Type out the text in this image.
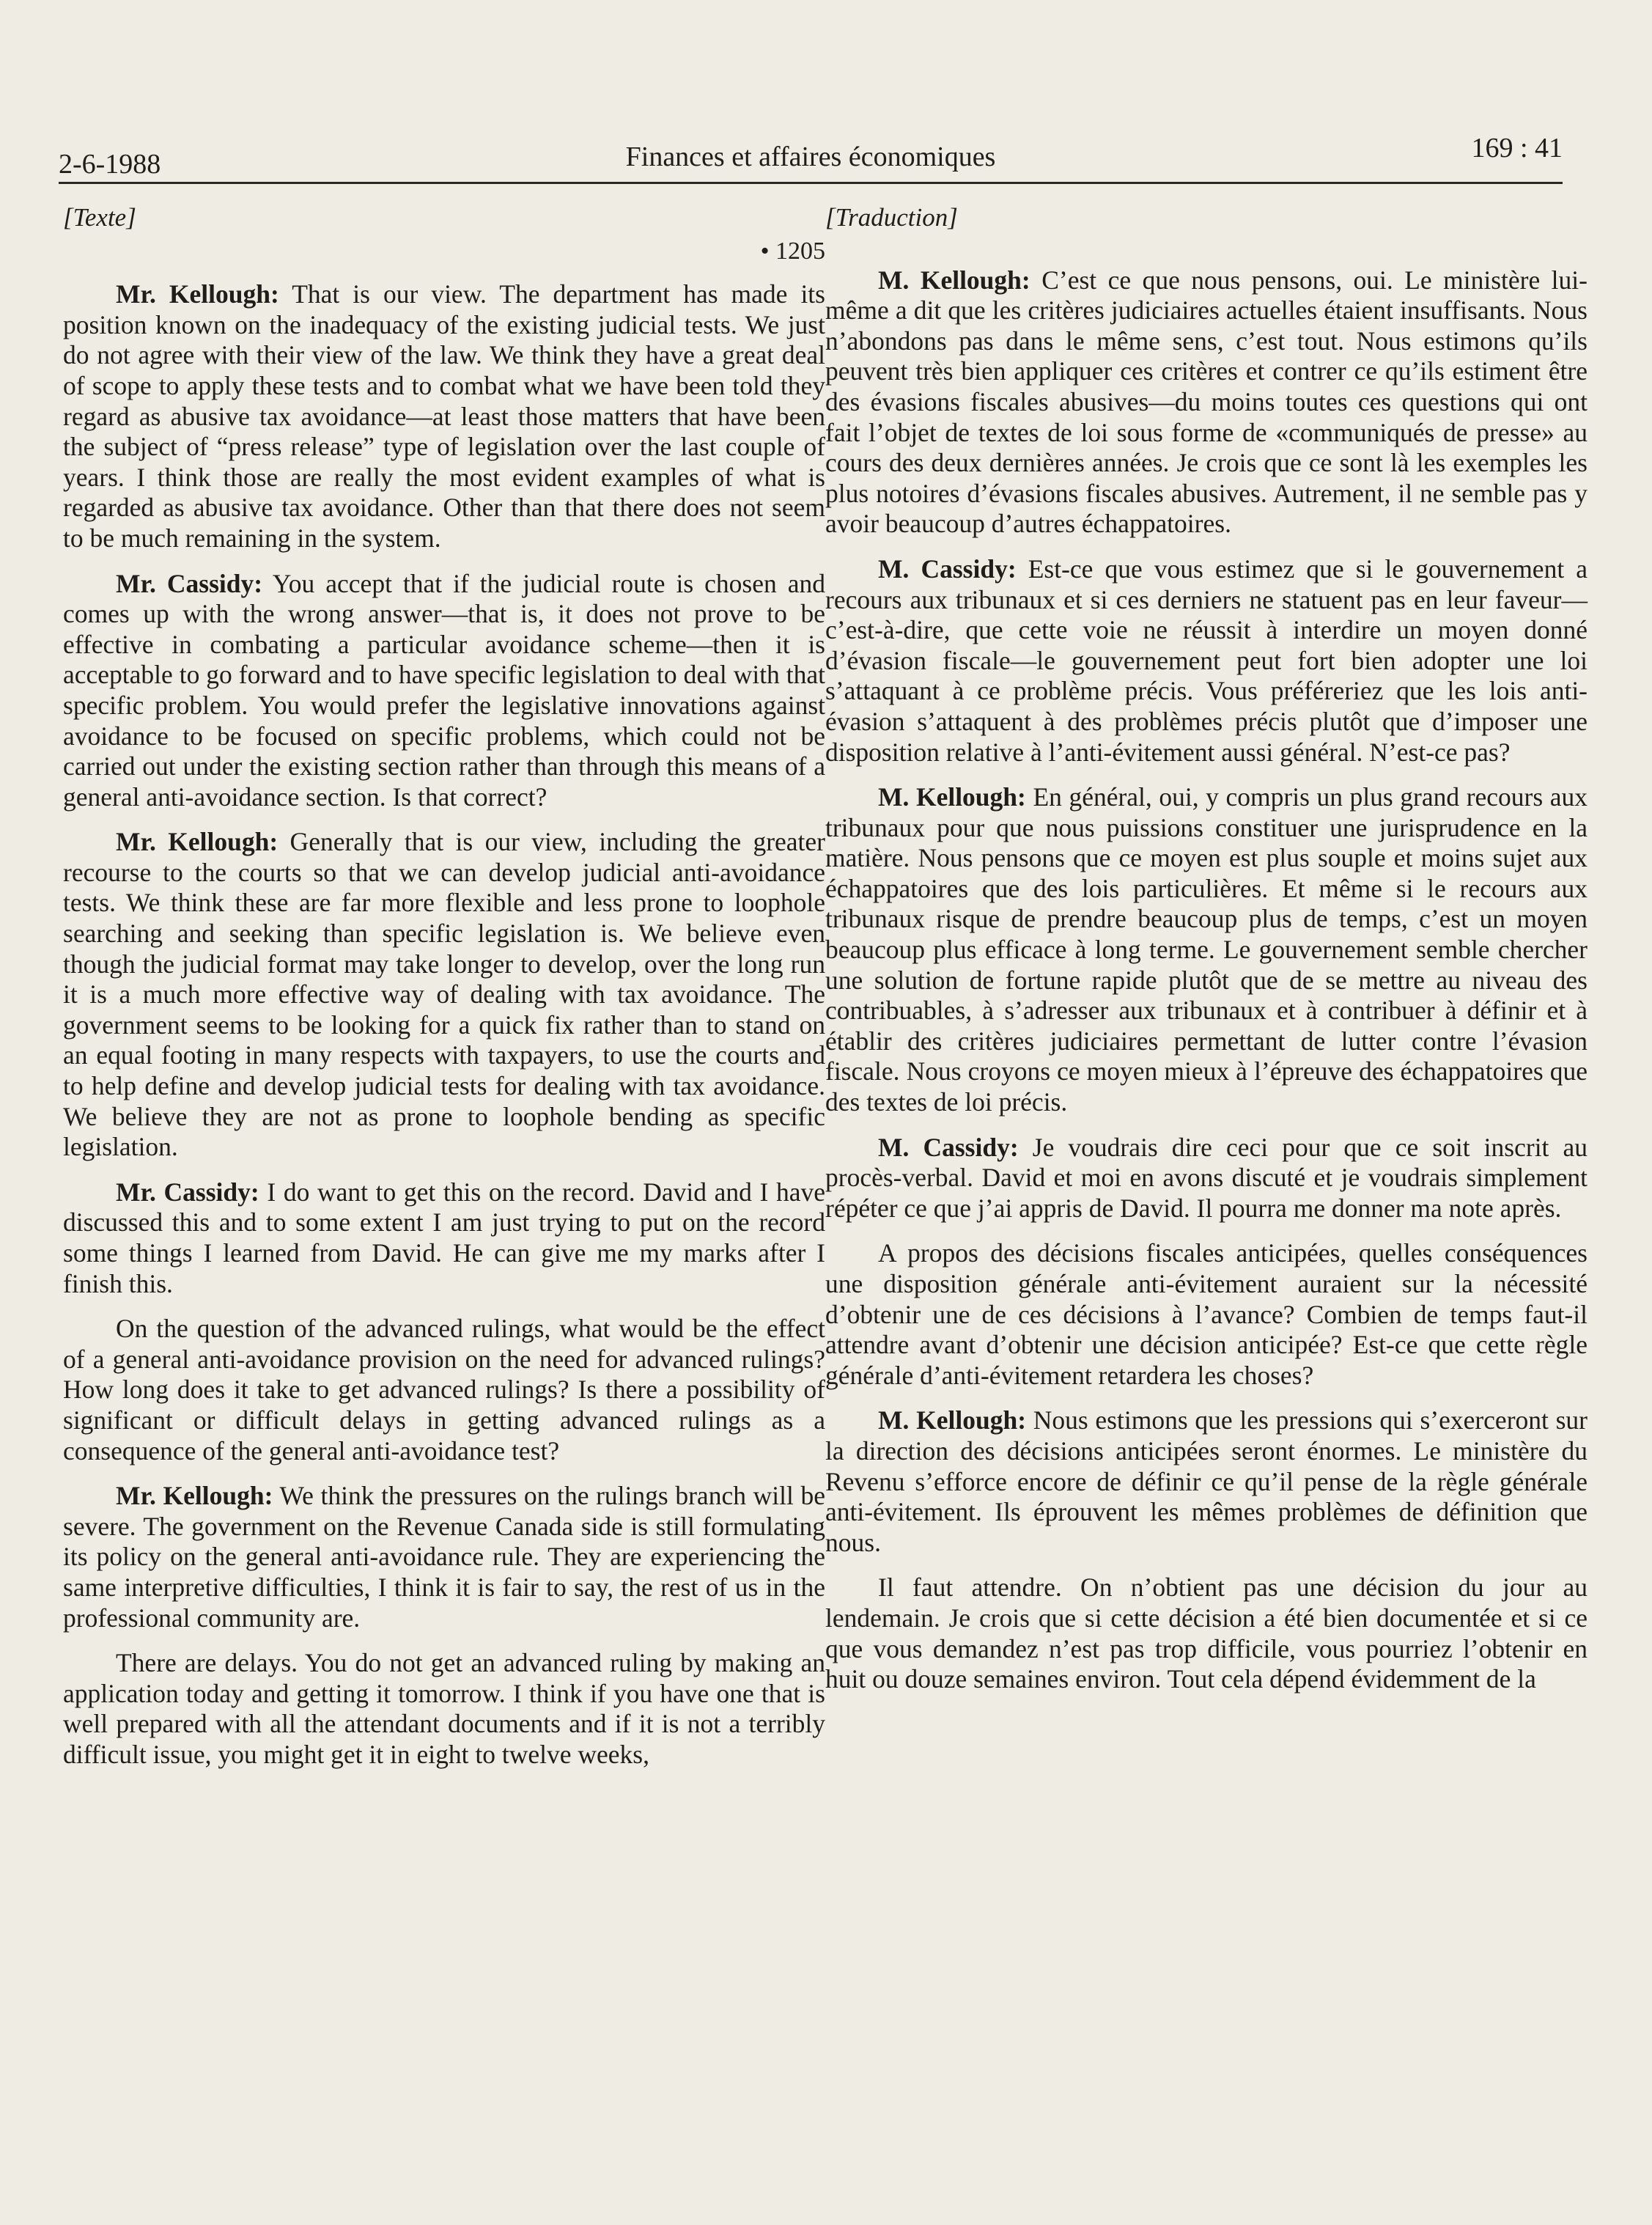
2-6-1988	Finances et affaires économiques	169 : 41
[Texte]
• 1205

Mr. Kellough: That is our view. The department has made its position known on the inadequacy of the existing judicial tests. We just do not agree with their view of the law. We think they have a great deal of scope to apply these tests and to combat what we have been told they regard as abusive tax avoidance—at least those matters that have been the subject of “press release” type of legislation over the last couple of years. I think those are really the most evident examples of what is regarded as abusive tax avoidance. Other than that there does not seem to be much remaining in the system.

Mr. Cassidy: You accept that if the judicial route is chosen and comes up with the wrong answer—that is, it does not prove to be effective in combating a particular avoidance scheme—then it is acceptable to go forward and to have specific legislation to deal with that specific problem. You would prefer the legislative innovations against avoidance to be focused on specific problems, which could not be carried out under the existing section rather than through this means of a general anti-avoidance section. Is that correct?

Mr. Kellough: Generally that is our view, including the greater recourse to the courts so that we can develop judicial anti-avoidance tests. We think these are far more flexible and less prone to loophole searching and seeking than specific legislation is. We believe even though the judicial format may take longer to develop, over the long run it is a much more effective way of dealing with tax avoidance. The government seems to be looking for a quick fix rather than to stand on an equal footing in many respects with taxpayers, to use the courts and to help define and develop judicial tests for dealing with tax avoidance. We believe they are not as prone to loophole bending as specific legislation.

Mr. Cassidy: I do want to get this on the record. David and I have discussed this and to some extent I am just trying to put on the record some things I learned from David. He can give me my marks after I finish this.

On the question of the advanced rulings, what would be the effect of a general anti-avoidance provision on the need for advanced rulings? How long does it take to get advanced rulings? Is there a possibility of significant or difficult delays in getting advanced rulings as a consequence of the general anti-avoidance test?

Mr. Kellough: We think the pressures on the rulings branch will be severe. The government on the Revenue Canada side is still formulating its policy on the general anti-avoidance rule. They are experiencing the same interpretive difficulties, I think it is fair to say, the rest of us in the professional community are.

There are delays. You do not get an advanced ruling by making an application today and getting it tomorrow. I think if you have one that is well prepared with all the attendant documents and if it is not a terribly difficult issue, you might get it in eight to twelve weeks,

[Traduction]

M. Kellough: C’est ce que nous pensons, oui. Le ministère lui-même a dit que les critères judiciaires actuelles étaient insuffisants. Nous n’abondons pas dans le même sens, c’est tout. Nous estimons qu’ils peuvent très bien appliquer ces critères et contrer ce qu’ils estiment être des évasions fiscales abusives—du moins toutes ces questions qui ont fait l’objet de textes de loi sous forme de «communiqués de presse» au cours des deux dernières années. Je crois que ce sont là les exemples les plus notoires d’évasions fiscales abusives. Autrement, il ne semble pas y avoir beaucoup d’autres échappatoires.

M. Cassidy: Est-ce que vous estimez que si le gouvernement a recours aux tribunaux et si ces derniers ne statuent pas en leur faveur—c’est-à-dire, que cette voie ne réussit à interdire un moyen donné d’évasion fiscale—le gouvernement peut fort bien adopter une loi s’attaquant à ce problème précis. Vous préféreriez que les lois anti-évasion s’attaquent à des problèmes précis plutôt que d’imposer une disposition relative à l’anti-évitement aussi général. N’est-ce pas?

M. Kellough: En général, oui, y compris un plus grand recours aux tribunaux pour que nous puissions constituer une jurisprudence en la matière. Nous pensons que ce moyen est plus souple et moins sujet aux échappatoires que des lois particulières. Et même si le recours aux tribunaux risque de prendre beaucoup plus de temps, c’est un moyen beaucoup plus efficace à long terme. Le gouvernement semble chercher une solution de fortune rapide plutôt que de se mettre au niveau des contribuables, à s’adresser aux tribunaux et à contribuer à définir et à établir des critères judiciaires permettant de lutter contre l’évasion fiscale. Nous croyons ce moyen mieux à l’épreuve des échappatoires que des textes de loi précis.

M. Cassidy: Je voudrais dire ceci pour que ce soit inscrit au procès-verbal. David et moi en avons discuté et je voudrais simplement répéter ce que j’ai appris de David. Il pourra me donner ma note après.

A propos des décisions fiscales anticipées, quelles conséquences une disposition générale anti-évitement auraient sur la nécessité d’obtenir une de ces décisions à l’avance? Combien de temps faut-il attendre avant d’obtenir une décision anticipée? Est-ce que cette règle générale d’anti-évitement retardera les choses?

M. Kellough: Nous estimons que les pressions qui s’exerceront sur la direction des décisions anticipées seront énormes. Le ministère du Revenu s’efforce encore de définir ce qu’il pense de la règle générale anti-évitement. Ils éprouvent les mêmes problèmes de définition que nous.

Il faut attendre. On n’obtient pas une décision du jour au lendemain. Je crois que si cette décision a été bien documentée et si ce que vous demandez n’est pas trop difficile, vous pourriez l’obtenir en huit ou douze semaines environ. Tout cela dépend évidemment de la
